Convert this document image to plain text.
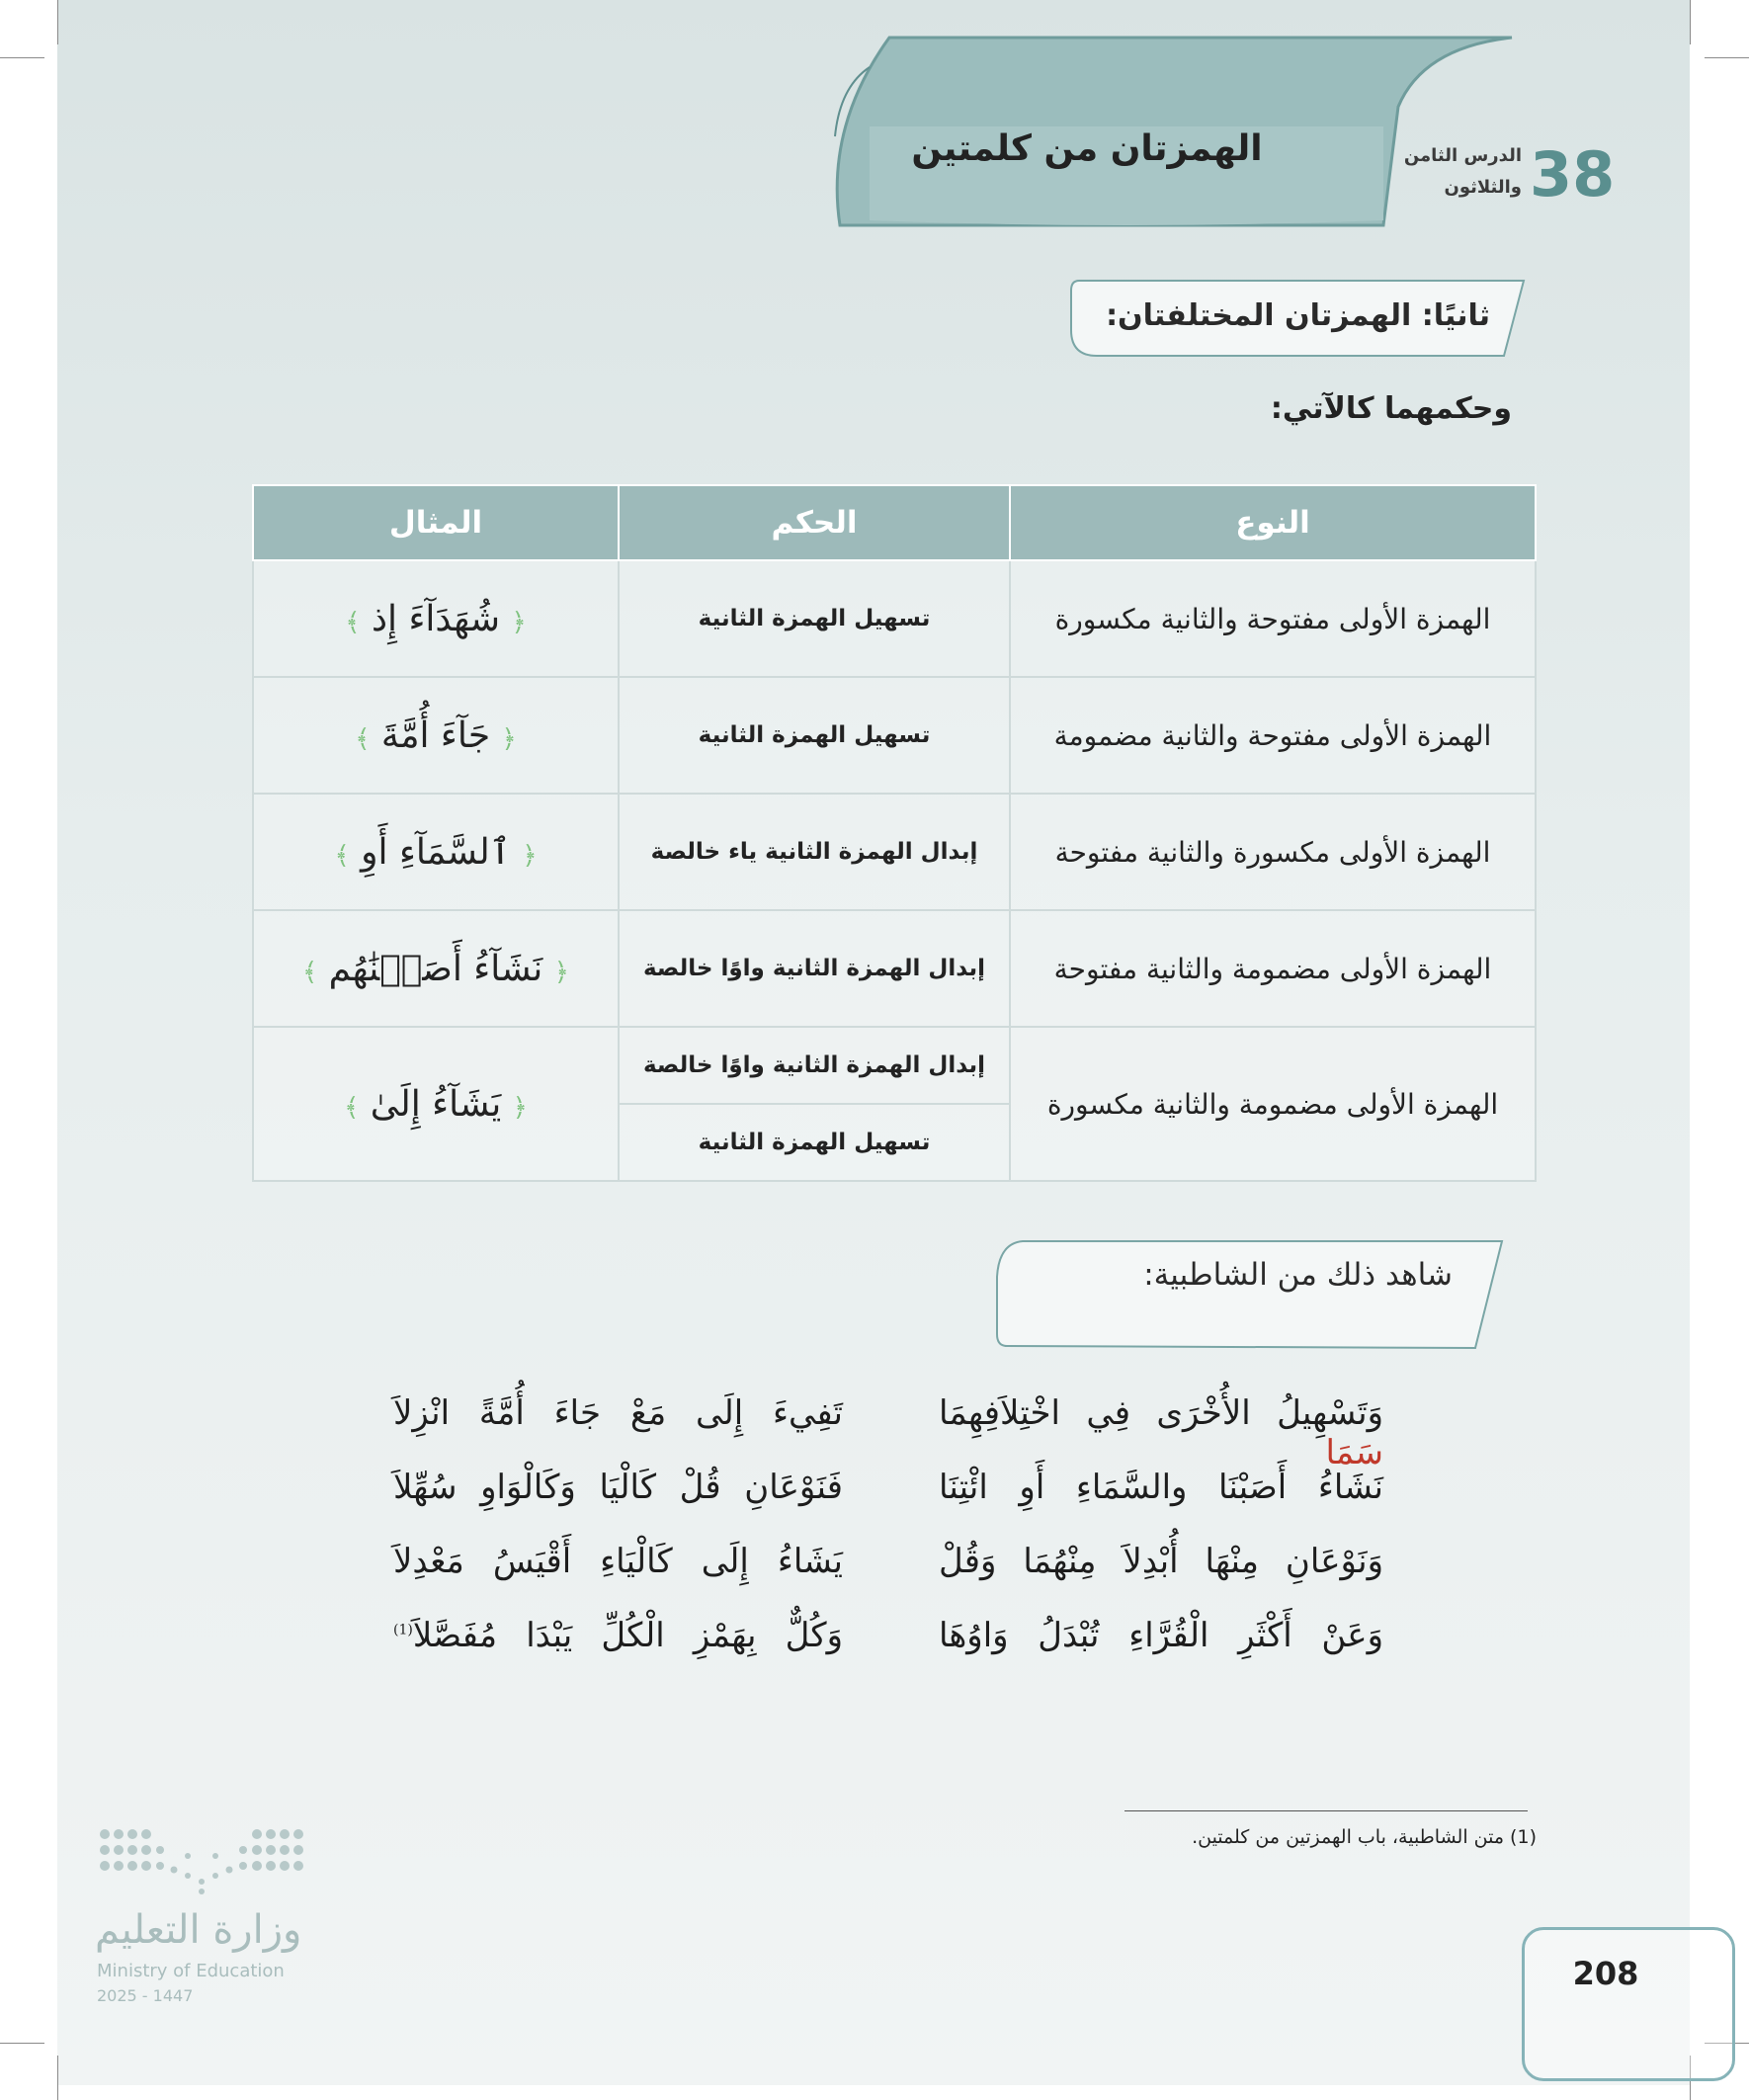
الهمزتان من كلمتين	38
الدرس الثامن
والثلاثون
ثانيًا: الهمزتان المختلفتان:
وحكمهما كالآتي:
النوع	الحكم	المثال
الهمزة الأولى مفتوحة والثانية مكسورة	تسهيل الهمزة الثانية	﴿ شُهَدَآءَ إِذ ﴾
الهمزة الأولى مفتوحة والثانية مضمومة	تسهيل الهمزة الثانية	﴿ جَآءَ أُمَّةَ ﴾
الهمزة الأولى مكسورة والثانية مفتوحة	إبدال الهمزة الثانية ياء خالصة	﴿ ٱلسَّمَآءِ أَوِ ﴾
الهمزة الأولى مضمومة والثانية مفتوحة	إبدال الهمزة الثانية واوًا خالصة	﴿ نَشَآءُ أَصَبۡنَٰهُم ﴾
الهمزة الأولى مضمومة والثانية مكسورة	إبدال الهمزة الثانية واوًا خالصة	﴿ يَشَآءُ إِلَىٰ ﴾
	تسهيل الهمزة الثانية	
شاهد ذلك من الشاطبية:
وَتَسْهِيلُ الأُخْرَى فِي اخْتِلاَفِهِمَا سَمَا
نَشَاءُ أَصَبْنَا والسَّمَاءِ أَوِ ائْتِنَا
وَنَوْعَانِ مِنْهَا أُبْدِلاَ مِنْهُمَا وَقُلْ
وَعَنْ أَكْثَرِ الْقُرَّاءِ تُبْدَلُ وَاوُهَا
تَفِيءَ إِلَى مَعْ جَاءَ أُمَّةً انْزِلاَ
فَنَوْعَانِ قُلْ كَالْيَا وَكَالْوَاوِ سُهِّلاَ
يَشَاءُ إِلَى كَالْيَاءِ أَقْيَسُ مَعْدِلاَ
وَكُلٌّ بِهَمْزِ الْكُلِّ يَبْدَا مُفَصَّلاَ$^{(1)}$
(1) متن الشاطبية، باب الهمزتين من كلمتين.
208
وزارة التعليم
Ministry of Education
2025 - 1447
